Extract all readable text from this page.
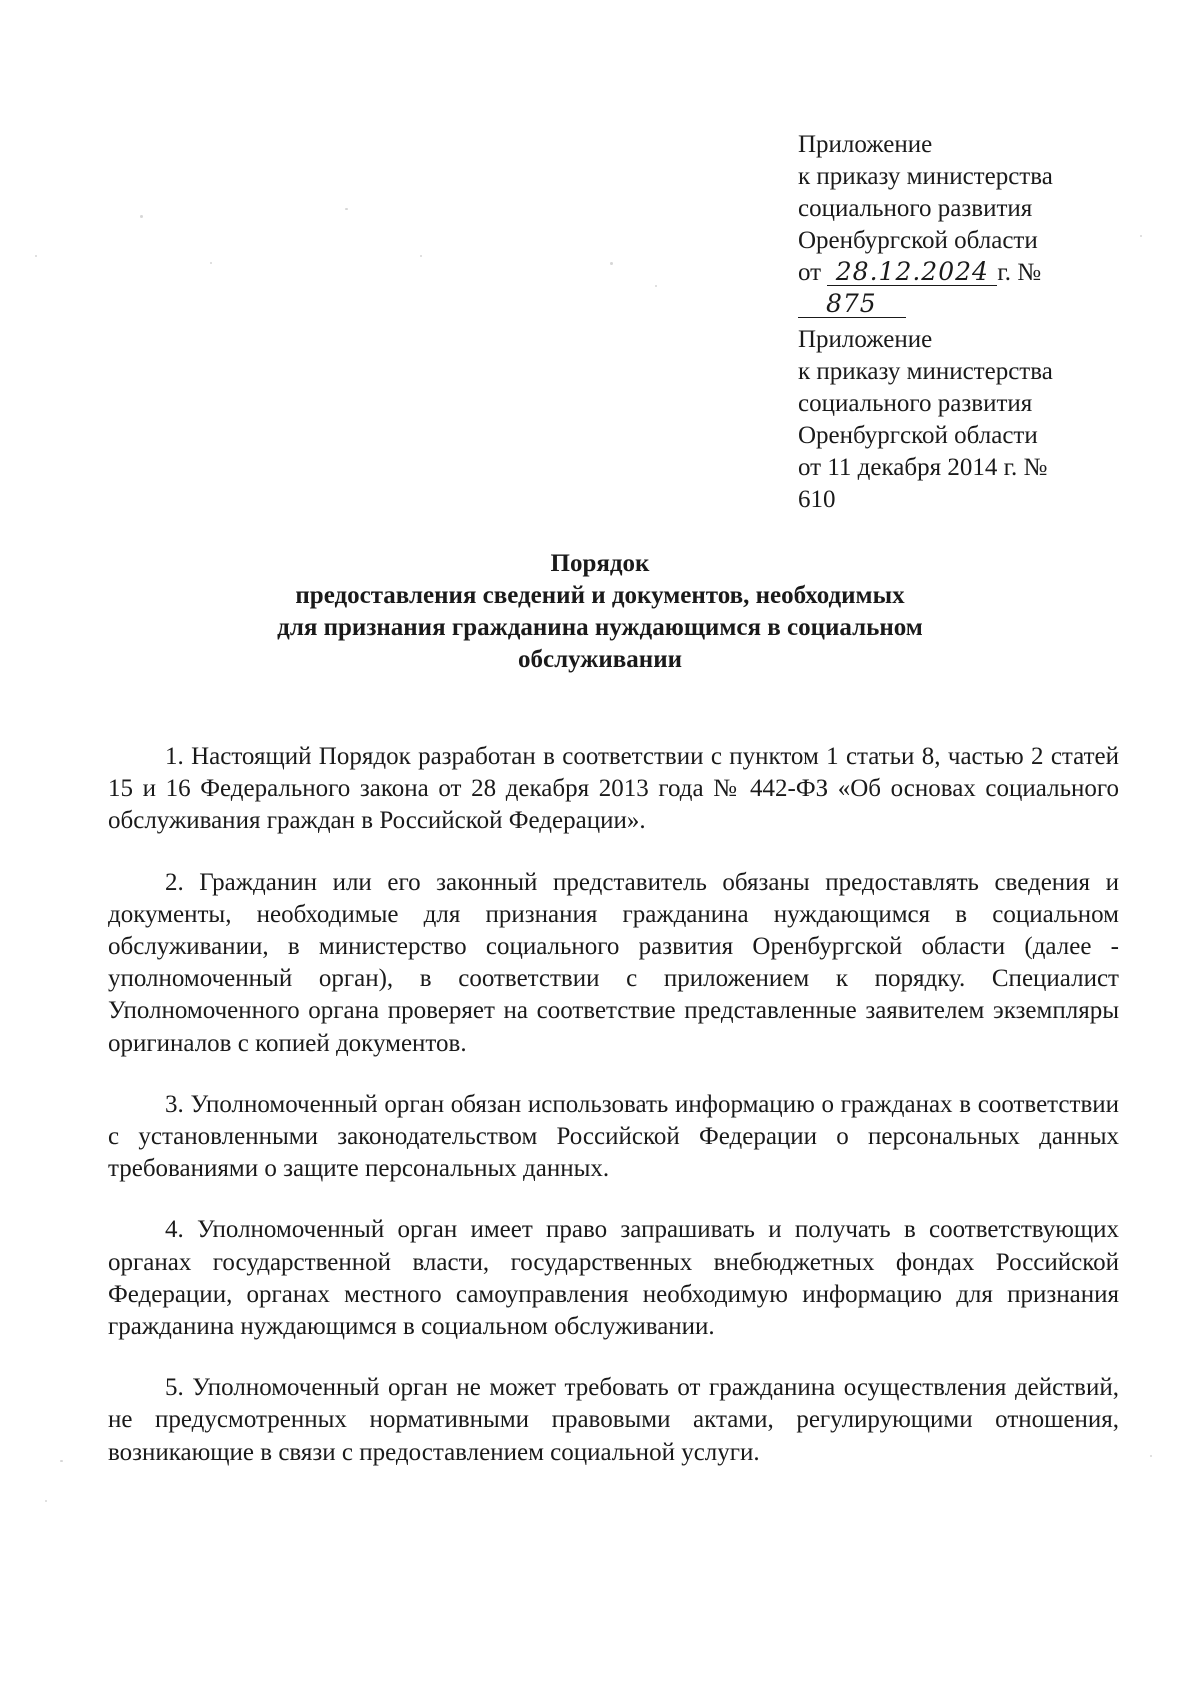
Приложение
к приказу министерства
социального развития
Оренбургской области
от 28.12.2024 г. №
875
Приложение
к приказу министерства
социального развития
Оренбургской области
от 11 декабря 2014 г. №
610
Порядок
предоставления сведений и документов, необходимых
для признания гражданина нуждающимся в социальном
обслуживании

1. Настоящий Порядок разработан в соответствии с пунктом 1 статьи 8, частью 2 статей 15 и 16 Федерального закона от 28 декабря 2013 года № 442-ФЗ «Об основах социального обслуживания граждан в Российской Федерации».

2. Гражданин или его законный представитель обязаны предоставлять сведения и документы, необходимые для признания гражданина нуждающимся в социальном обслуживании, в министерство социального развития Оренбургской области (далее - уполномоченный орган), в соответствии с приложением к порядку. Специалист Уполномоченного органа проверяет на соответствие представленные заявителем экземпляры оригиналов с копией документов.

3. Уполномоченный орган обязан использовать информацию о гражданах в соответствии с установленными законодательством Российской Федерации о персональных данных требованиями о защите персональных данных.

4. Уполномоченный орган имеет право запрашивать и получать в соответствующих органах государственной власти, государственных внебюджетных фондах Российской Федерации, органах местного самоуправления необходимую информацию для признания гражданина нуждающимся в социальном обслуживании.

5. Уполномоченный орган не может требовать от гражданина осуществления действий, не предусмотренных нормативными правовыми актами, регулирующими отношения, возникающие в связи с предоставлением социальной услуги.
